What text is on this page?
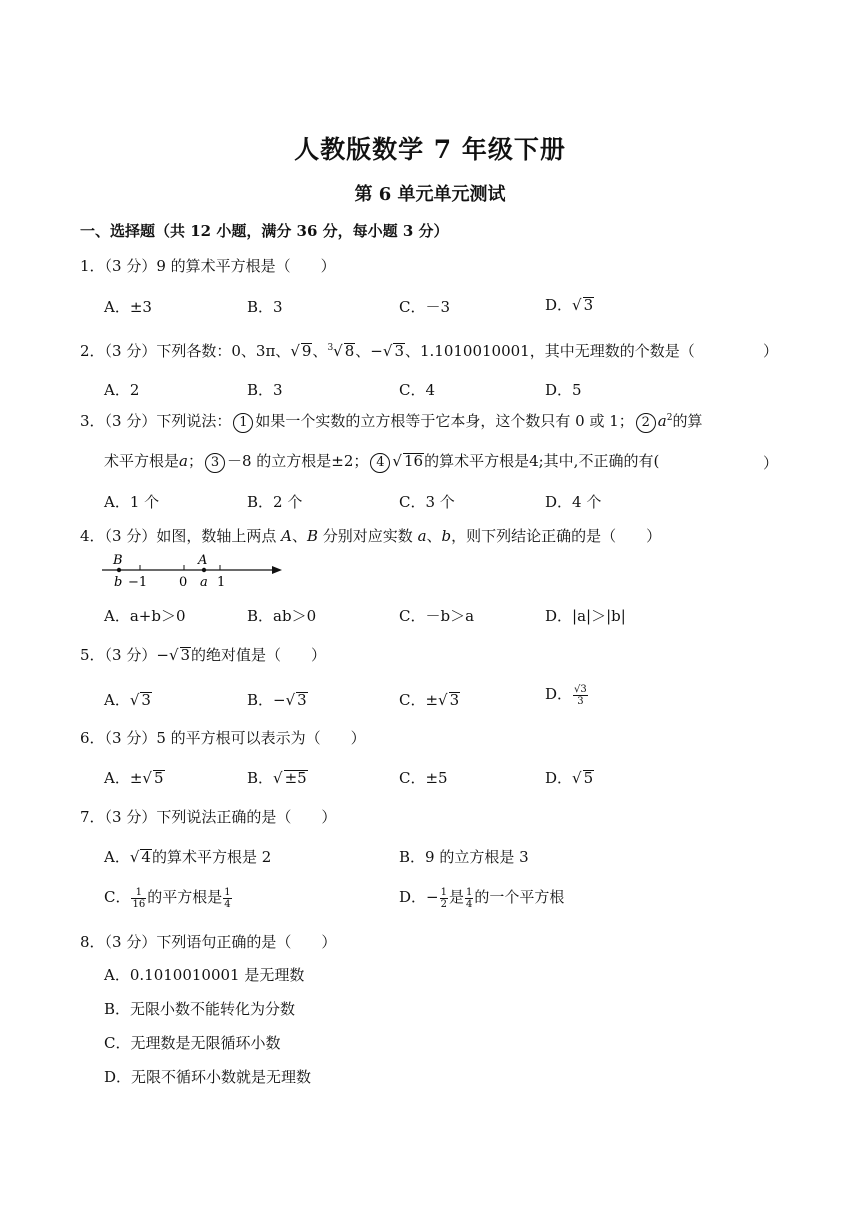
人教版数学 7 年级下册
第 6 单元单元测试
一、选择题（共 12 小题，满分 36 分，每小题 3 分）
1．（3 分）9 的算术平方根是（　　）
A．±3	B．3	C．－3	D．√ 3
2．（3 分）下列各数：0、3π、√ 9、$^3$√ 8、−√ 3、1.1010010001，其中无理数的个数是（	）
A．2	B．3	C．4	D．5
3．（3 分）下列说法： 1 如果一个实数的立方根等于它本身，这个数只有 0 或 1； 2 $a^2$的算
术平方根是a； 3 －8 的立方根是±2； 4 √ 16的算术平方根是4;其中,不正确的有(	）
A．1 个	B．2 个	C．3 个	D．4 个
4．（3 分）如图，数轴上两点 A、B 分别对应实数 a、b，则下列结论正确的是（　　）
B	A
b −1 0 a 1
A．a+b＞0	B．ab＞0	C．－b＞a	D．|a|＞|b|
5．（3 分）−√ 3的绝对值是（　　）
A．√ 3	B．−√ 3	C．±√ 3	D． $\frac{√3}{3}$
6．（3 分）5 的平方根可以表示为（　　）
A．±√ 5	B．√ ±5	C．±5	D．√ 5
7．（3 分）下列说法正确的是（　　）
A．√ 4的算术平方根是 2	B．9 的立方根是 3
C． $\frac{1}{16}$ 的平方根是 $\frac{1}{4}$	D．− $\frac{1}{2}$ 是 $\frac{1}{4}$ 的一个平方根
8．（3 分）下列语句正确的是（　　）
A．0.1010010001 是无理数
B．无限小数不能转化为分数
C．无理数是无限循环小数
D．无限不循环小数就是无理数
